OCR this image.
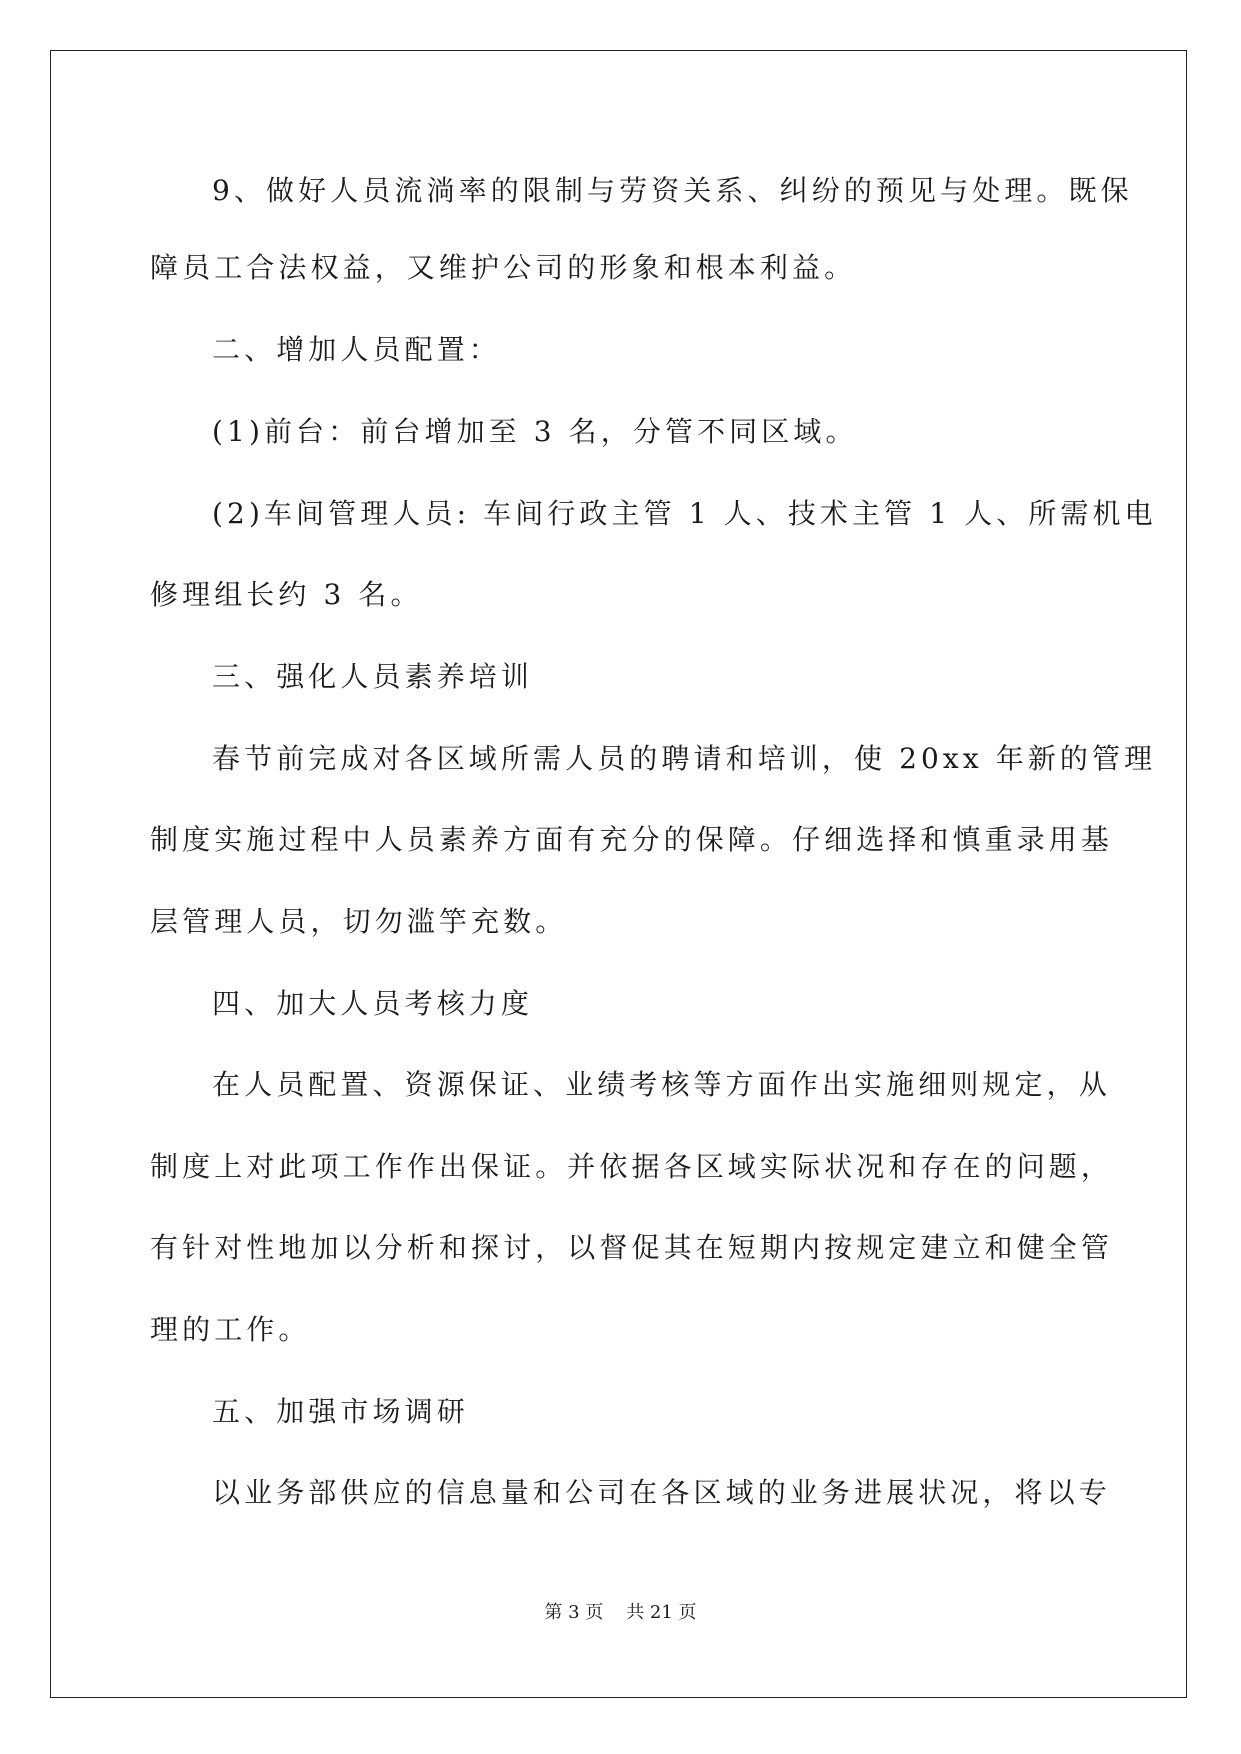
9、做好人员流淌率的限制与劳资关系、纠纷的预见与处理。既保
障员工合法权益，又维护公司的形象和根本利益。
二、增加人员配置：
(1)前台：前台增加至 3 名，分管不同区域。
(2)车间管理人员: 车间行政主管 1 人、技术主管 1 人、所需机电
修理组长约 3 名。
三、强化人员素养培训
春节前完成对各区域所需人员的聘请和培训，使 20xx 年新的管理
制度实施过程中人员素养方面有充分的保障。仔细选择和慎重录用基
层管理人员，切勿滥竽充数。
四、加大人员考核力度
在人员配置、资源保证、业绩考核等方面作出实施细则规定，从
制度上对此项工作作出保证。并依据各区域实际状况和存在的问题，
有针对性地加以分析和探讨，以督促其在短期内按规定建立和健全管
理的工作。
五、加强市场调研
以业务部供应的信息量和公司在各区域的业务进展状况，将以专
第 3 页    共 21 页
